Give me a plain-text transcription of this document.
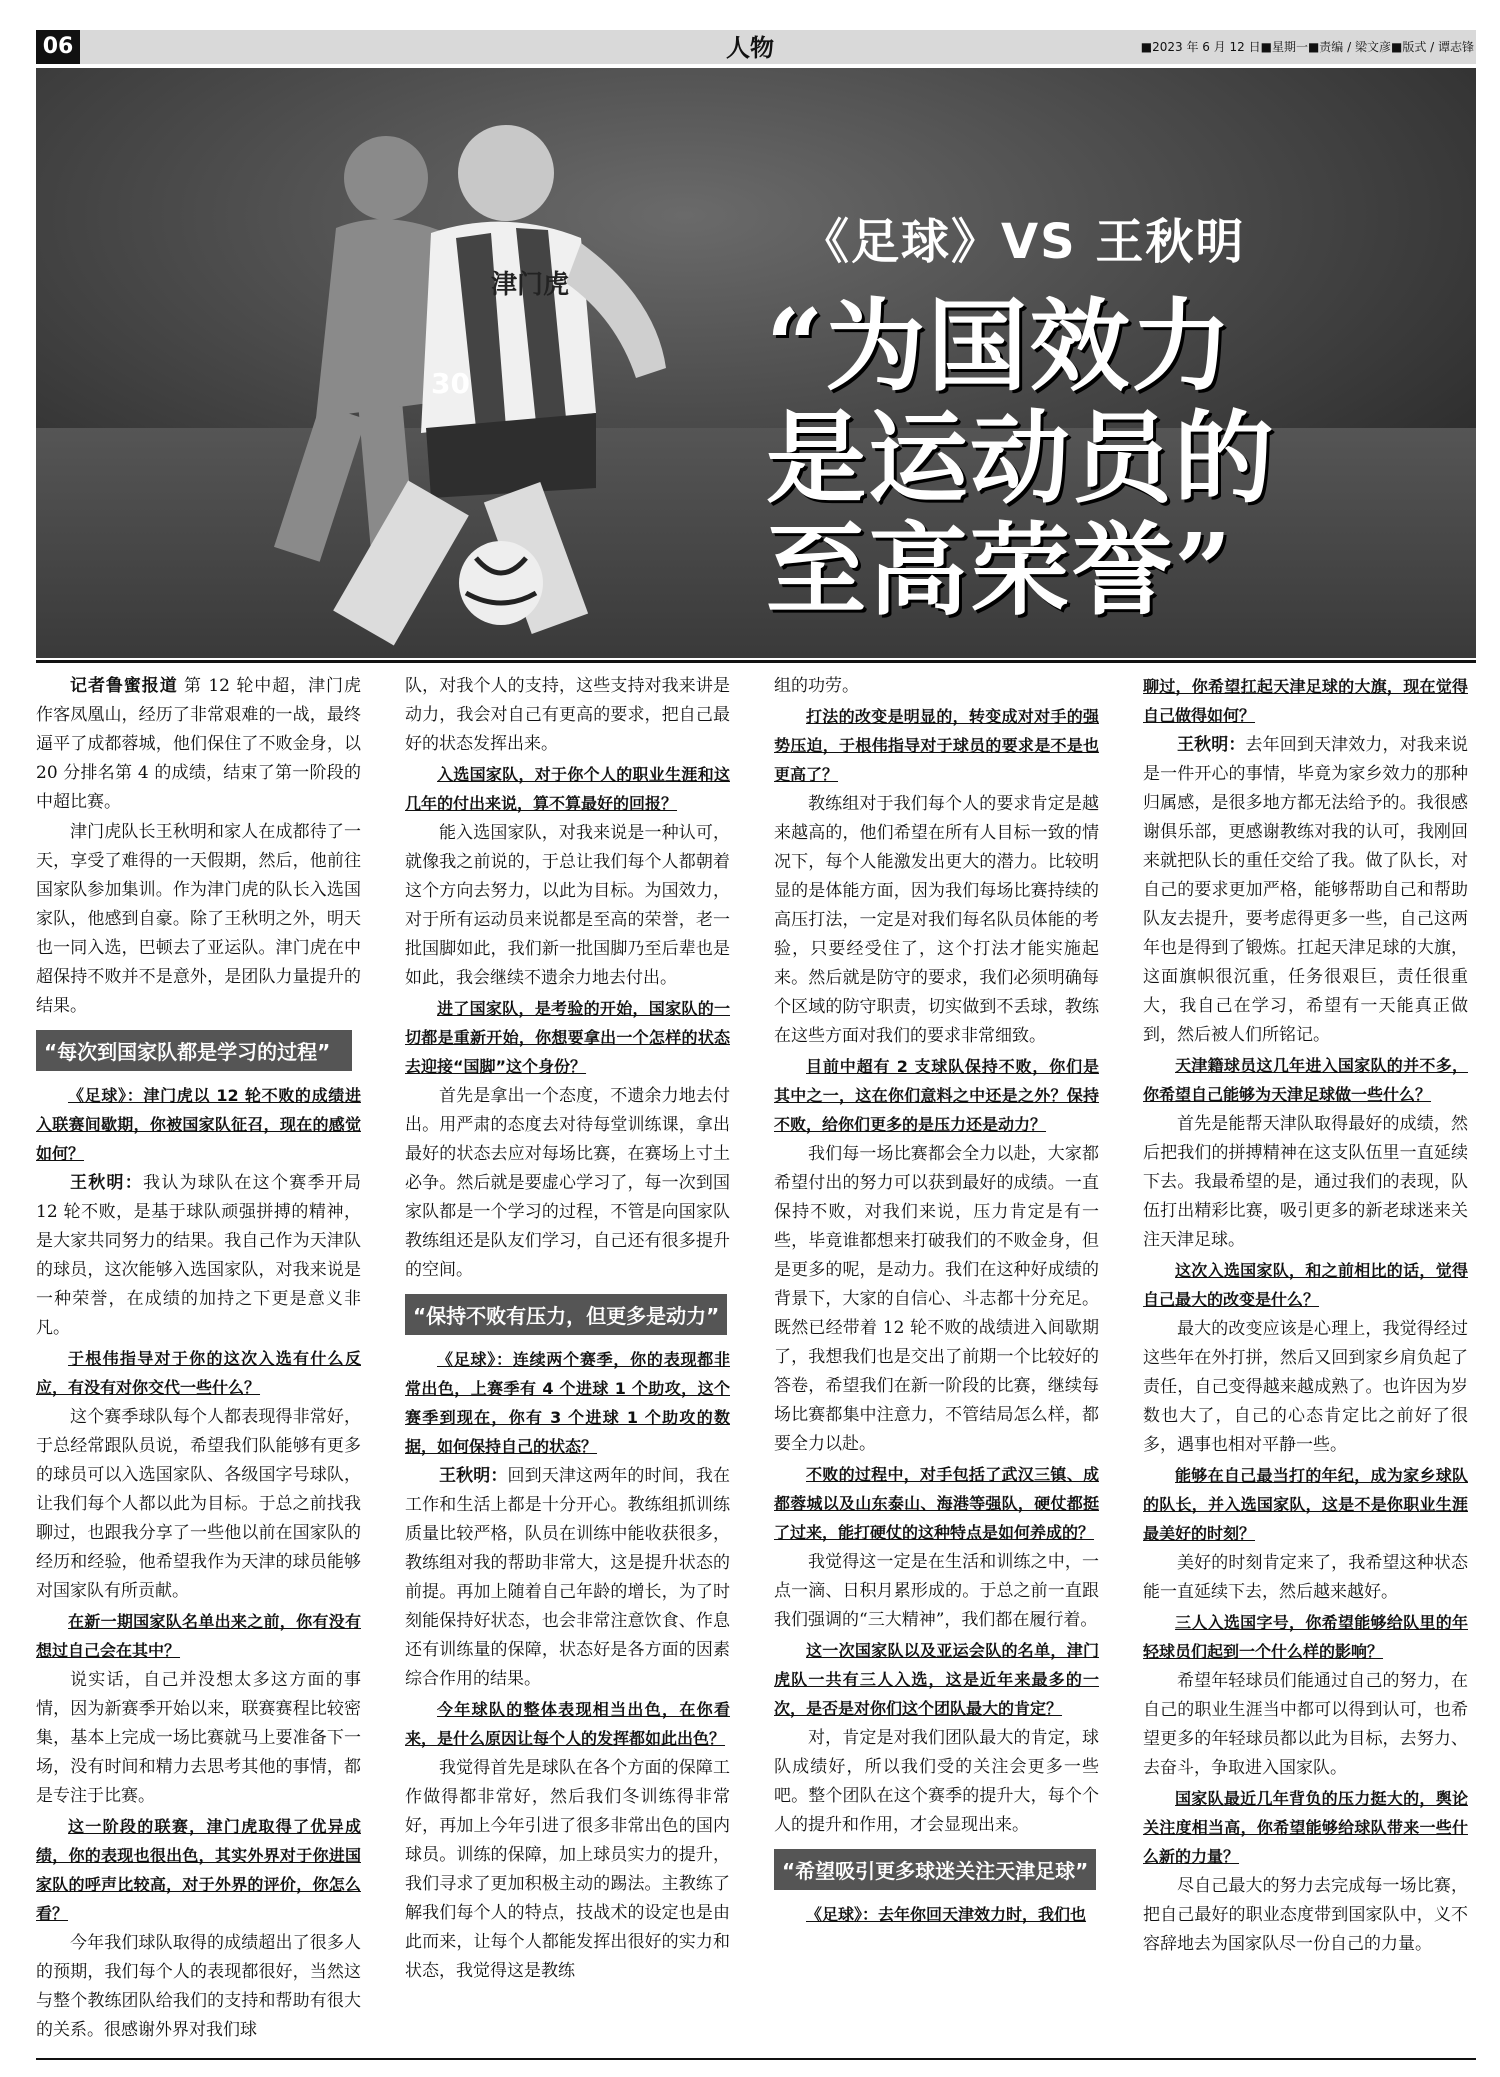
06	人物	■2023 年 6 月 12 日■星期一■责编 / 梁文彦■版式 / 谭志锋
津门虎
30
《足球》VS 王秋明
“为国效力
是运动员的
至高荣誉”

记者鲁蜜报道 第 12 轮中超，津门虎作客凤凰山，经历了非常艰难的一战，最终逼平了成都蓉城，他们保住了不败金身，以 20 分排名第 4 的成绩，结束了第一阶段的中超比赛。

津门虎队长王秋明和家人在成都待了一天，享受了难得的一天假期，然后，他前往国家队参加集训。作为津门虎的队长入选国家队，他感到自豪。除了王秋明之外，明天也一同入选，巴顿去了亚运队。津门虎在中超保持不败并不是意外，是团队力量提升的结果。

“每次到国家队都是学习的过程”

《足球》：津门虎以 12 轮不败的成绩进入联赛间歇期，你被国家队征召，现在的感觉如何？

王秋明：我认为球队在这个赛季开局 12 轮不败，是基于球队顽强拼搏的精神，是大家共同努力的结果。我自己作为天津队的球员，这次能够入选国家队，对我来说是一种荣誉，在成绩的加持之下更是意义非凡。

于根伟指导对于你的这次入选有什么反应，有没有对你交代一些什么？

这个赛季球队每个人都表现得非常好，于总经常跟队员说，希望我们队能够有更多的球员可以入选国家队、各级国字号球队，让我们每个人都以此为目标。于总之前找我聊过，也跟我分享了一些他以前在国家队的经历和经验，他希望我作为天津的球员能够对国家队有所贡献。

在新一期国家队名单出来之前，你有没有想过自己会在其中？

说实话，自己并没想太多这方面的事情，因为新赛季开始以来，联赛赛程比较密集，基本上完成一场比赛就马上要准备下一场，没有时间和精力去思考其他的事情，都是专注于比赛。

这一阶段的联赛，津门虎取得了优异成绩，你的表现也很出色，其实外界对于你进国家队的呼声比较高，对于外界的评价，你怎么看？

今年我们球队取得的成绩超出了很多人的预期，我们每个人的表现都很好，当然这与整个教练团队给我们的支持和帮助有很大的关系。很感谢外界对我们球

队，对我个人的支持，这些支持对我来讲是动力，我会对自己有更高的要求，把自己最好的状态发挥出来。

入选国家队，对于你个人的职业生涯和这几年的付出来说，算不算最好的回报？

能入选国家队，对我来说是一种认可，就像我之前说的，于总让我们每个人都朝着这个方向去努力，以此为目标。为国效力，对于所有运动员来说都是至高的荣誉，老一批国脚如此，我们新一批国脚乃至后辈也是如此，我会继续不遗余力地去付出。

进了国家队，是考验的开始，国家队的一切都是重新开始，你想要拿出一个怎样的状态去迎接“国脚”这个身份？

首先是拿出一个态度，不遗余力地去付出。用严肃的态度去对待每堂训练课，拿出最好的状态去应对每场比赛，在赛场上寸土必争。然后就是要虚心学习了，每一次到国家队都是一个学习的过程，不管是向国家队教练组还是队友们学习，自己还有很多提升的空间。

“保持不败有压力，但更多是动力”

《足球》：连续两个赛季，你的表现都非常出色，上赛季有 4 个进球 1 个助攻，这个赛季到现在，你有 3 个进球 1 个助攻的数据，如何保持自己的状态？

王秋明：回到天津这两年的时间，我在工作和生活上都是十分开心。教练组抓训练质量比较严格，队员在训练中能收获很多，教练组对我的帮助非常大，这是提升状态的前提。再加上随着自己年龄的增长，为了时刻能保持好状态，也会非常注意饮食、作息还有训练量的保障，状态好是各方面的因素综合作用的结果。

今年球队的整体表现相当出色，在你看来，是什么原因让每个人的发挥都如此出色？

我觉得首先是球队在各个方面的保障工作做得都非常好，然后我们冬训练得非常好，再加上今年引进了很多非常出色的国内球员。训练的保障，加上球员实力的提升，我们寻求了更加积极主动的踢法。主教练了解我们每个人的特点，技战术的设定也是由此而来，让每个人都能发挥出很好的实力和状态，我觉得这是教练

组的功劳。

打法的改变是明显的，转变成对对手的强势压迫，于根伟指导对于球员的要求是不是也更高了？

教练组对于我们每个人的要求肯定是越来越高的，他们希望在所有人目标一致的情况下，每个人能激发出更大的潜力。比较明显的是体能方面，因为我们每场比赛持续的高压打法，一定是对我们每名队员体能的考验，只要经受住了，这个打法才能实施起来。然后就是防守的要求，我们必须明确每个区域的防守职责，切实做到不丢球，教练在这些方面对我们的要求非常细致。

目前中超有 2 支球队保持不败，你们是其中之一，这在你们意料之中还是之外？保持不败，给你们更多的是压力还是动力？

我们每一场比赛都会全力以赴，大家都希望付出的努力可以获到最好的成绩。一直保持不败，对我们来说，压力肯定是有一些，毕竟谁都想来打破我们的不败金身，但是更多的呢，是动力。我们在这种好成绩的背景下，大家的自信心、斗志都十分充足。既然已经带着 12 轮不败的战绩进入间歇期了，我想我们也是交出了前期一个比较好的答卷，希望我们在新一阶段的比赛，继续每场比赛都集中注意力，不管结局怎么样，都要全力以赴。

不败的过程中，对手包括了武汉三镇、成都蓉城以及山东泰山、海港等强队，硬仗都挺了过来，能打硬仗的这种特点是如何养成的？

我觉得这一定是在生活和训练之中，一点一滴、日积月累形成的。于总之前一直跟我们强调的“三大精神”，我们都在履行着。

这一次国家队以及亚运会队的名单，津门虎队一共有三人入选，这是近年来最多的一次，是否是对你们这个团队最大的肯定？

对，肯定是对我们团队最大的肯定，球队成绩好，所以我们受的关注会更多一些吧。整个团队在这个赛季的提升大，每个个人的提升和作用，才会显现出来。

“希望吸引更多球迷关注天津足球”

《足球》：去年你回天津效力时，我们也

聊过，你希望扛起天津足球的大旗，现在觉得自己做得如何？

王秋明：去年回到天津效力，对我来说是一件开心的事情，毕竟为家乡效力的那种归属感，是很多地方都无法给予的。我很感谢俱乐部，更感谢教练对我的认可，我刚回来就把队长的重任交给了我。做了队长，对自己的要求更加严格，能够帮助自己和帮助队友去提升，要考虑得更多一些，自己这两年也是得到了锻炼。扛起天津足球的大旗，这面旗帜很沉重，任务很艰巨，责任很重大，我自己在学习，希望有一天能真正做到，然后被人们所铭记。

天津籍球员这几年进入国家队的并不多，你希望自己能够为天津足球做一些什么？

首先是能帮天津队取得最好的成绩，然后把我们的拼搏精神在这支队伍里一直延续下去。我最希望的是，通过我们的表现，队伍打出精彩比赛，吸引更多的新老球迷来关注天津足球。

这次入选国家队，和之前相比的话，觉得自己最大的改变是什么？

最大的改变应该是心理上，我觉得经过这些年在外打拼，然后又回到家乡肩负起了责任，自己变得越来越成熟了。也许因为岁数也大了，自己的心态肯定比之前好了很多，遇事也相对平静一些。

能够在自己最当打的年纪，成为家乡球队的队长，并入选国家队，这是不是你职业生涯最美好的时刻？

美好的时刻肯定来了，我希望这种状态能一直延续下去，然后越来越好。

三人入选国字号，你希望能够给队里的年轻球员们起到一个什么样的影响？

希望年轻球员们能通过自己的努力，在自己的职业生涯当中都可以得到认可，也希望更多的年轻球员都以此为目标，去努力、去奋斗，争取进入国家队。

国家队最近几年背负的压力挺大的，舆论关注度相当高，你希望能够给球队带来一些什么新的力量？

尽自己最大的努力去完成每一场比赛，把自己最好的职业态度带到国家队中，义不容辞地去为国家队尽一份自己的力量。
